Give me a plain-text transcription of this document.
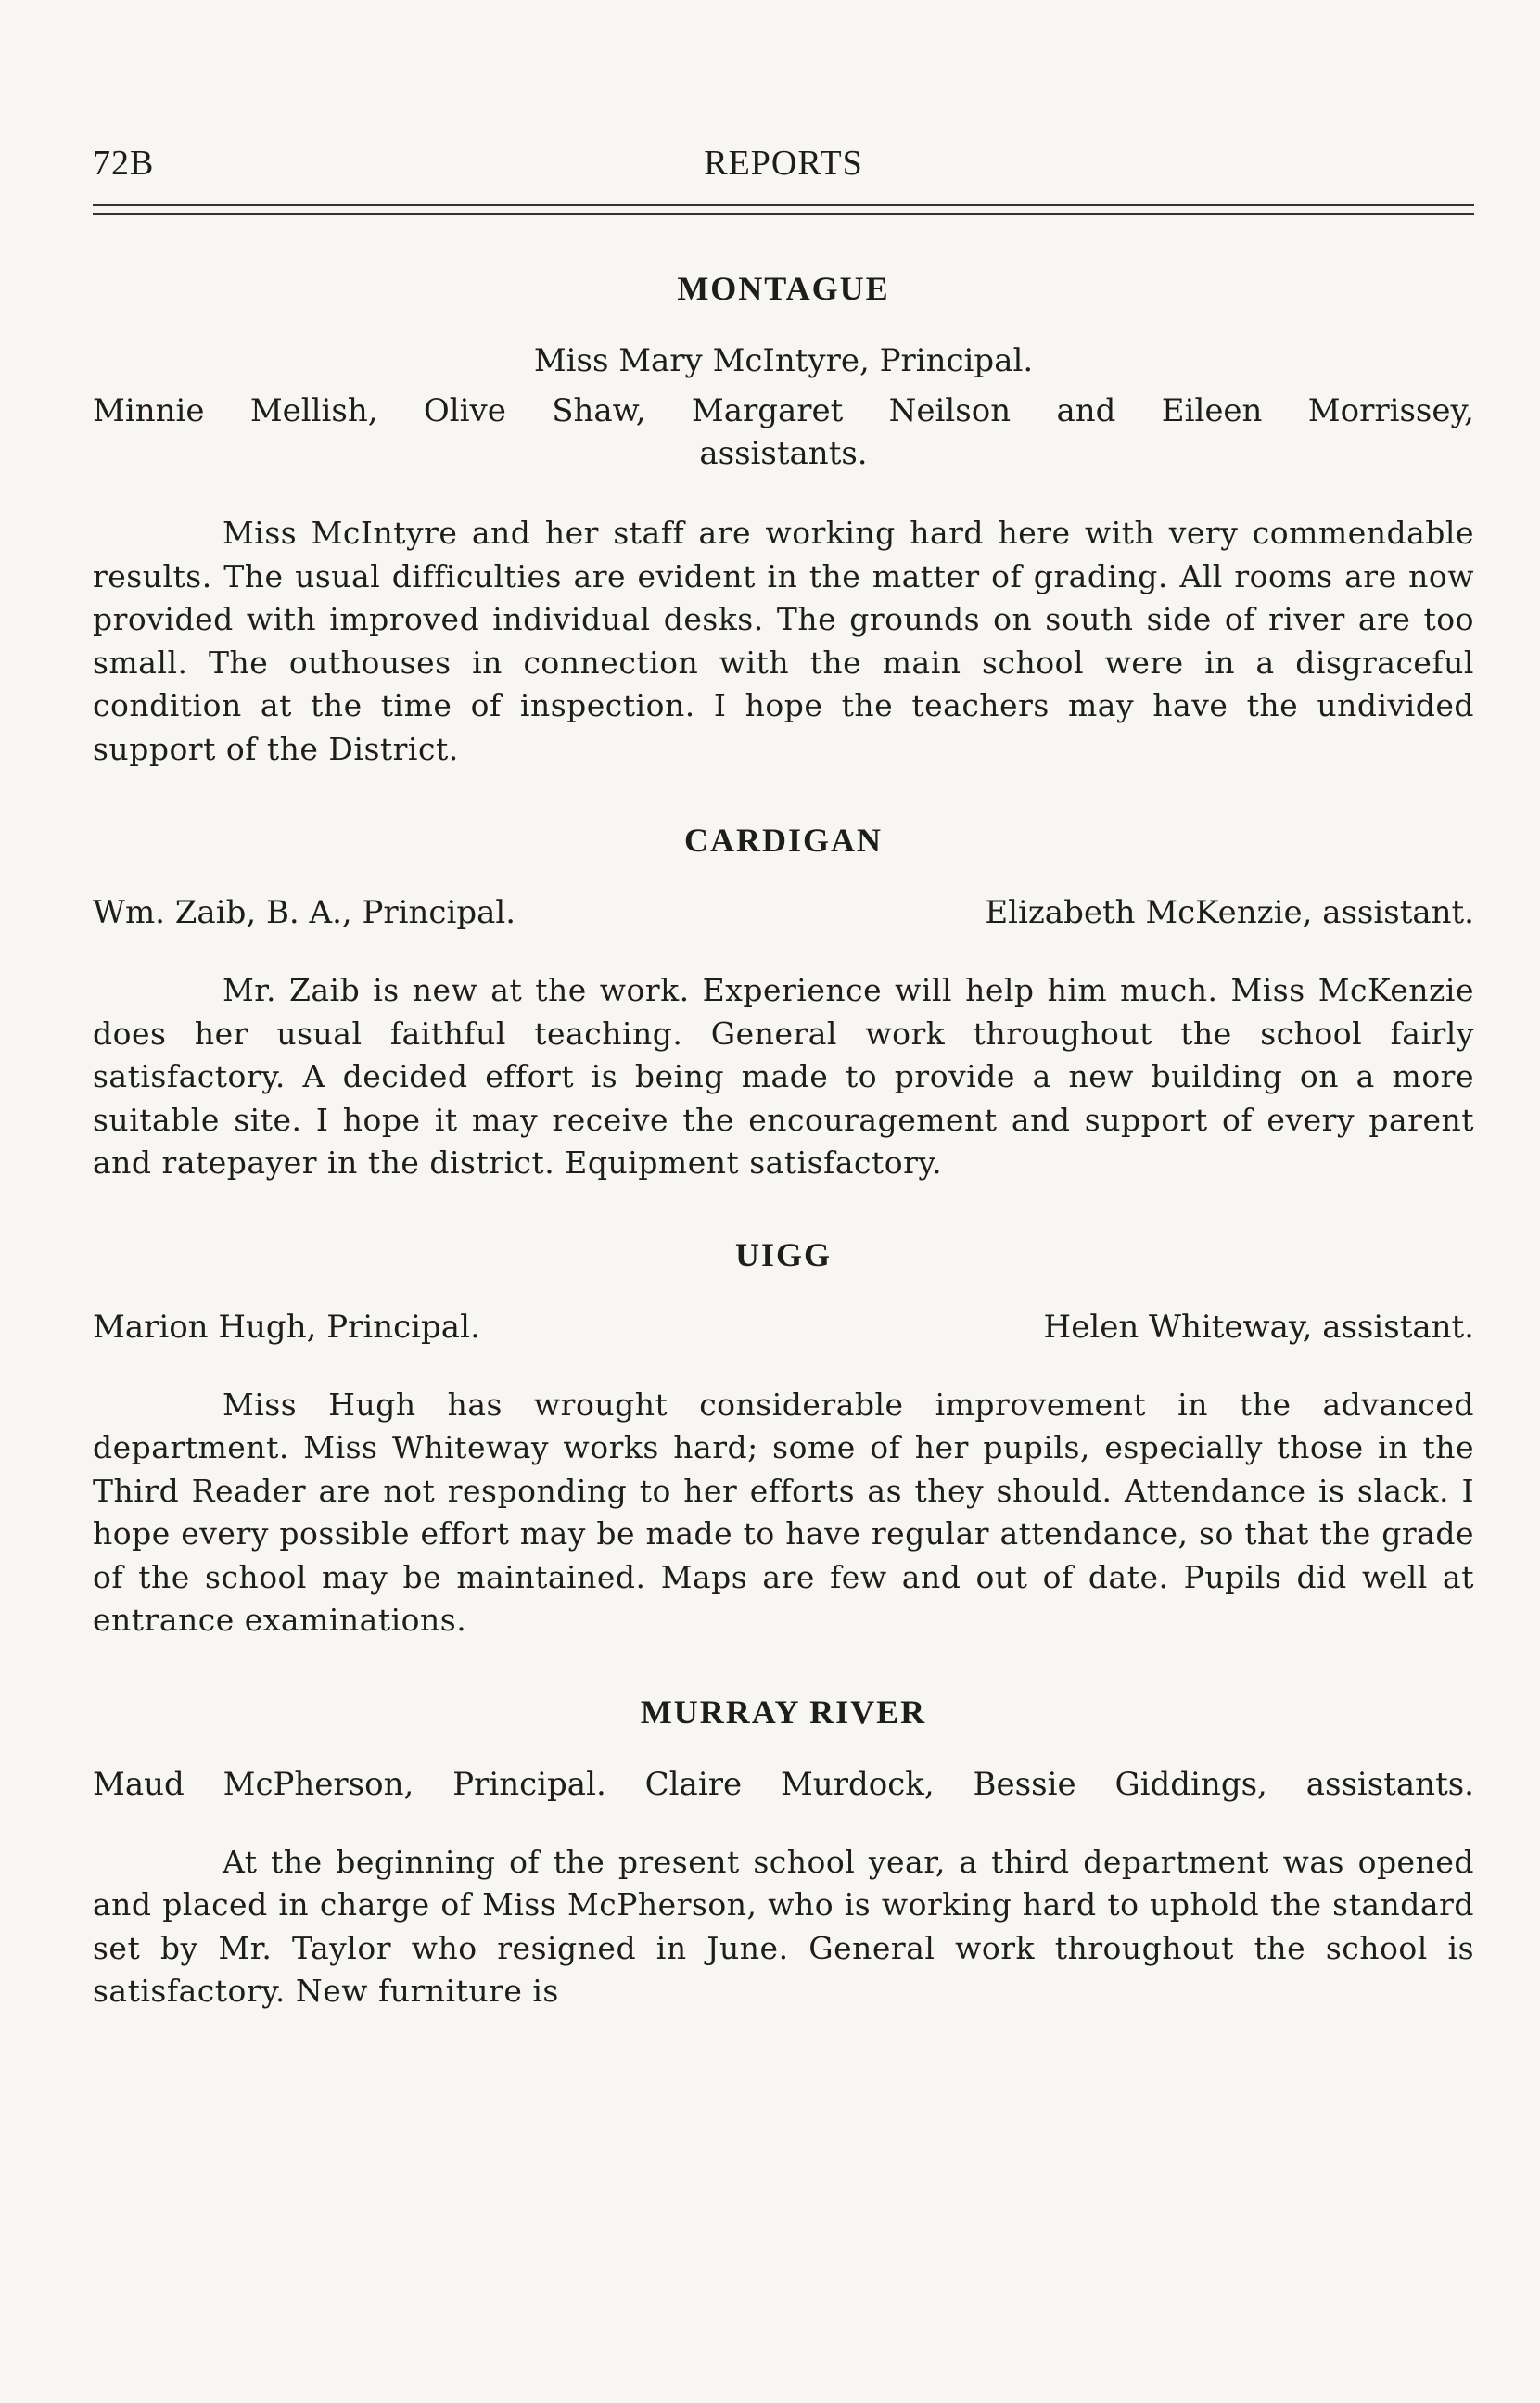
72B	REPORTS
MONTAGUE

Miss Mary McIntyre, Principal.

Minnie Mellish, Olive Shaw, Margaret Neilson and Eileen Morrissey,

assistants.

Miss McIntyre and her staff are working hard here with very commendable results. The usual difficulties are evident in the matter of grading. All rooms are now provided with improved individual desks. The grounds on south side of river are too small. The outhouses in connection with the main school were in a disgraceful condition at the time of inspection. I hope the teachers may have the undivided support of the District.

CARDIGAN
Wm. Zaib, B. A., Principal.	Elizabeth McKenzie, assistant.

Mr. Zaib is new at the work. Experience will help him much. Miss McKenzie does her usual faithful teaching. General work throughout the school fairly satisfactory. A decided effort is being made to provide a new building on a more suitable site. I hope it may receive the encouragement and support of every parent and ratepayer in the district. Equipment satisfactory.

UIGG
Marion Hugh, Principal.	Helen Whiteway, assistant.

Miss Hugh has wrought considerable improvement in the advanced department. Miss Whiteway works hard; some of her pupils, especially those in the Third Reader are not responding to her efforts as they should. Attendance is slack. I hope every possible effort may be made to have regular attendance, so that the grade of the school may be maintained. Maps are few and out of date. Pupils did well at entrance examinations.

MURRAY RIVER

Maud McPherson, Principal. Claire Murdock, Bessie Giddings, assistants.

At the beginning of the present school year, a third department was opened and placed in charge of Miss McPherson, who is working hard to uphold the standard set by Mr. Taylor who resigned in June. General work throughout the school is satisfactory. New furniture is
